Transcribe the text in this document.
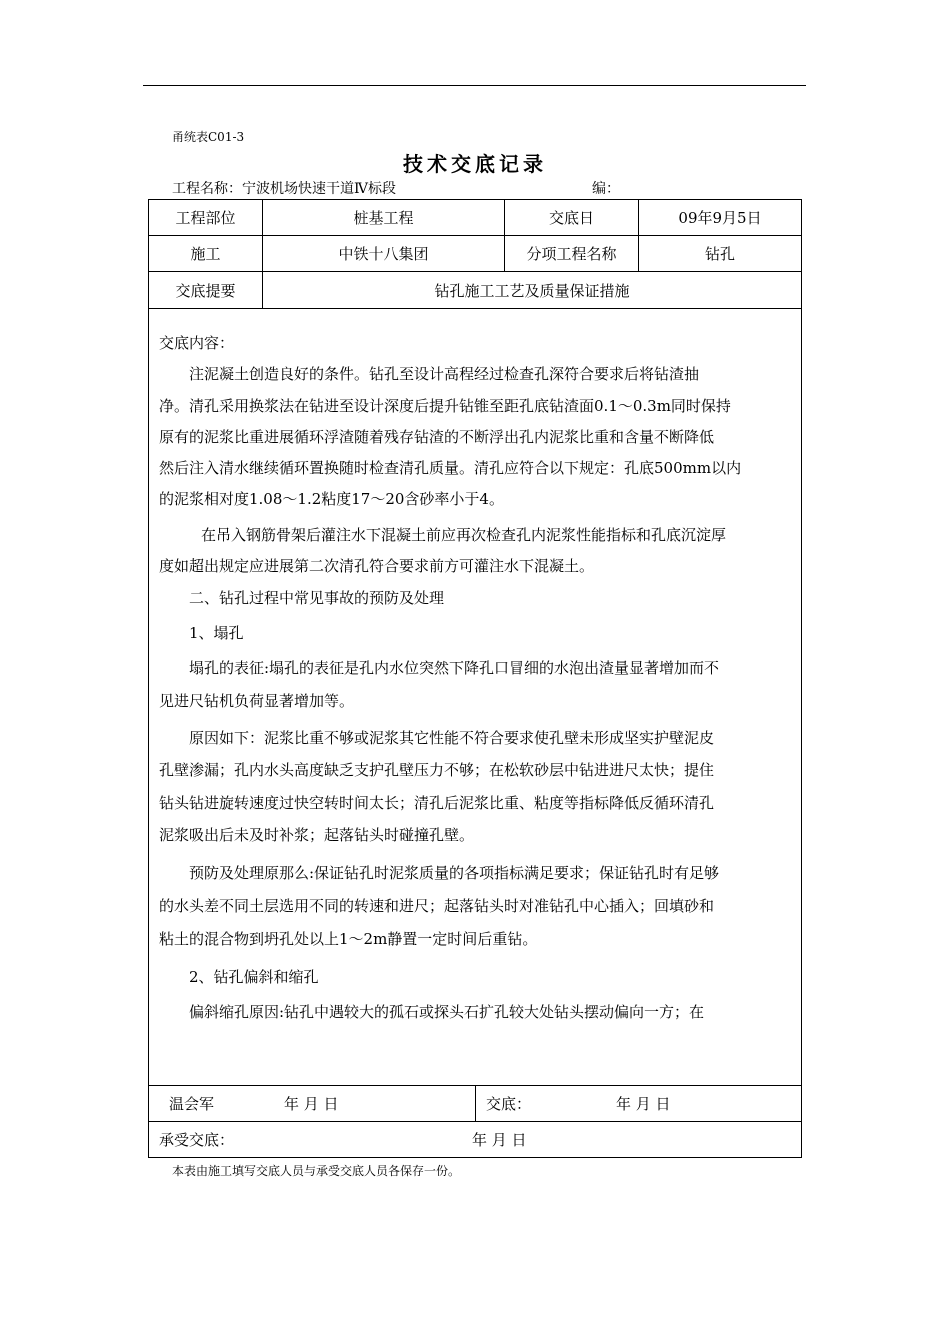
甬统表C01-3
技术交底记录
工程名称：宁波机场快速干道Ⅳ标段	编：
工程部位	桩基工程	交底日	09年9月5日
施工	中铁十八集团	分项工程名称	钻孔
交底提要	钻孔施工工艺及质量保证措施

交底内容：

注泥凝土创造良好的条件。钻孔至设计高程经过检查孔深符合要求后将钻渣抽

净。清孔采用换浆法在钻进至设计深度后提升钻锥至距孔底钻渣面0.1～0.3m同时保持

原有的泥浆比重进展循环浮渣随着残存钻渣的不断浮出孔内泥浆比重和含量不断降低

然后注入清水继续循环置换随时检查清孔质量。清孔应符合以下规定：孔底500mm以内

的泥浆相对度1.08～1.2粘度17～20含砂率小于4。

在吊入钢筋骨架后灌注水下混凝土前应再次检查孔内泥浆性能指标和孔底沉淀厚

度如超出规定应进展第二次清孔符合要求前方可灌注水下混凝土。

二、钻孔过程中常见事故的预防及处理

1、塌孔

塌孔的表征:塌孔的表征是孔内水位突然下降孔口冒细的水泡出渣量显著增加而不

见进尺钻机负荷显著增加等。

原因如下：泥浆比重不够或泥浆其它性能不符合要求使孔壁未形成坚实护壁泥皮

孔壁渗漏；孔内水头高度缺乏支护孔壁压力不够；在松软砂层中钻进进尺太快；提住

钻头钻进旋转速度过快空转时间太长；清孔后泥浆比重、粘度等指标降低反循环清孔

泥浆吸出后未及时补浆；起落钻头时碰撞孔壁。

预防及处理原那么:保证钻孔时泥浆质量的各项指标满足要求；保证钻孔时有足够

的水头差不同土层选用不同的转速和进尺；起落钻头时对准钻孔中心插入；回填砂和

粘土的混合物到坍孔处以上1～2m静置一定时间后重钻。

2、钻孔偏斜和缩孔

偏斜缩孔原因:钻孔中遇较大的孤石或探头石扩孔较大处钻头摆动偏向一方；在

温会军	年 月 日	交底：	年 月 日
承受交底：	年 月 日
本表由施工填写交底人员与承受交底人员各保存一份。
